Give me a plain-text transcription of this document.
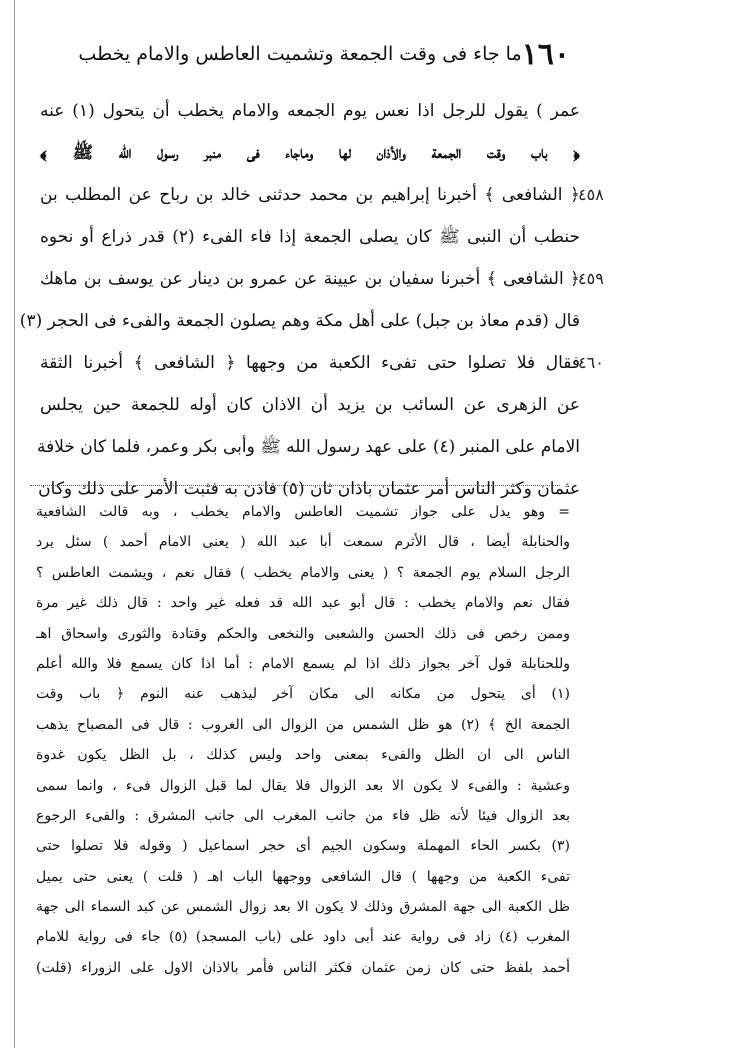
١٦٠
ما جاء فى وقت الجمعة وتشميت العاطس والامام يخطب
عمر ) يقول للرجل اذا نعس يوم الجمعه والامام يخطب أن يتحول (١) عنه
﴿ باب وقت الجمعة والأذان لها وماجاء فى منبر رسول الله ﷺ ﴾
﴿ الشافعى ﴾ أخبرنا إبراهيم بن محمد حدثنى خالد بن رباح عن المطلب بن
حنطب أن النبى ﷺ كان يصلى الجمعة إذا فاء الفىء (٢) قدر ذراع أو نحوه
﴿ الشافعى ﴾ أخبرنا سفيان بن عيينة عن عمرو بن دينار عن يوسف بن ماهك
قال (قدم معاذ بن جبل) على أهل مكة وهم يصلون الجمعة والفىء فى الحجر (٣)
فقال فلا تصلوا حتى تفىء الكعبة من وجهها ﴿ الشافعى ﴾ أخبرنا الثقة
عن الزهرى عن السائب بن يزيد أن الاذان كان أوله للجمعة حين يجلس
الامام على المنبر (٤) على عهد رسول الله ﷺ وأبى بكر وعمر، فلما كان خلافة
عثمان وكثر الناس أمر عثمان باذان ثان (٥) فاذن به فثبت الأمر على ذلك وكان
٤٥٨
٤٥٩
٤٦٠
= وهو يدل على جواز تشميت العاطس والامام يخطب ، وبه قالت الشافعية
والحنابلة أيضا ، قال الأثرم سمعت أبا عبد الله ( يعنى الامام أحمد ) سئل يرد
الرجل السلام يوم الجمعة ؟ ( يعنى والامام يخطب ) فقال نعم ، ويشمت العاطس ؟
فقال نعم والامام يخطب : قال أبو عبد الله قد فعله غير واحد : قال ذلك غير مرة
وممن رخص فى ذلك الحسن والشعبى والنخعى والحكم وقتادة والثورى واسحاق اهـ
وللحنابلة قول آخر بجواز ذلك اذا لم يسمع الامام : أما اذا كان يسمع فلا والله أعلم
(١) أى يتحول من مكانه الى مكان آخر ليذهب عنه النوم ﴿ باب وقت
الجمعة الخ ﴾ (٢) هو ظل الشمس من الزوال الى الغروب : قال فى المصباح يذهب
الناس الى ان الظل والفىء بمعنى واحد وليس كذلك ، بل الظل يكون غدوة
وعشية : والفىء لا يكون الا بعد الزوال فلا يقال لما قبل الزوال فىء ، وانما سمى
بعد الزوال فيئا لأنه ظل فاء من جانب المغرب الى جانب المشرق : والفىء الرجوع
(٣) بكسر الحاء المهملة وسكون الجيم أى حجر اسماعيل ( وقوله فلا تصلوا حتى
تفىء الكعبة من وجهها ) قال الشافعى ووجهها الباب اهـ ( قلت ) يعنى حتى يميل
ظل الكعبة الى جهة المشرق وذلك لا يكون الا بعد زوال الشمس عن كبد السماء الى جهة
المغرب (٤) زاد فى رواية عند أبى داود على (باب المسجد) (٥) جاء فى رواية للامام
أحمد بلفظ حتى كان زمن عثمان فكثر الناس فأمر بالاذان الاول على الزوراء (قلت)
